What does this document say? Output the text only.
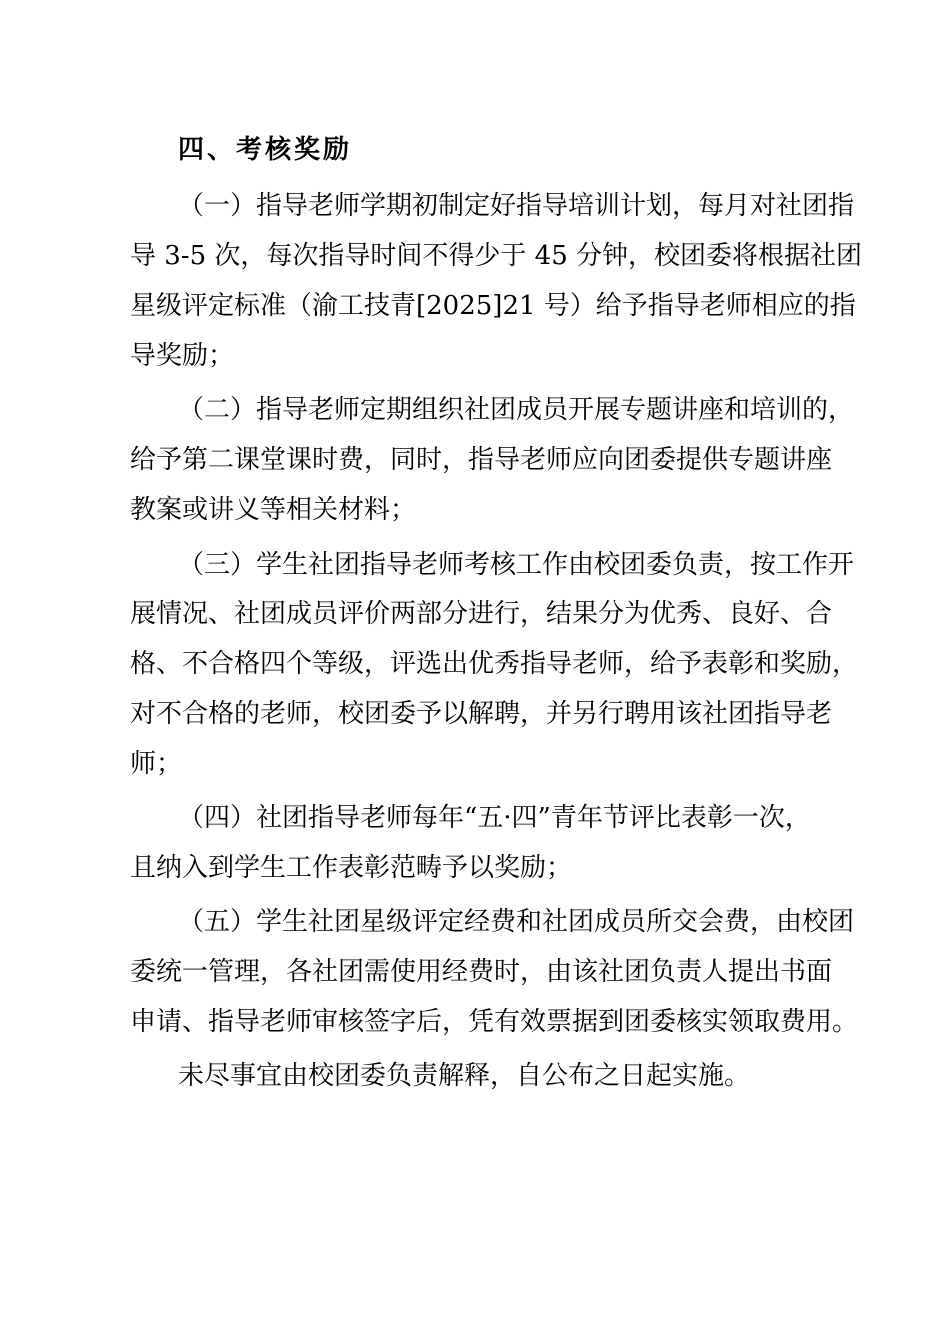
四、考核奖励

（一）指导老师学期初制定好指导培训计划，每月对社团指

导 3-5 次，每次指导时间不得少于 45 分钟，校团委将根据社团

星级评定标准（渝工技青[2025]21 号）给予指导老师相应的指

导奖励；

（二）指导老师定期组织社团成员开展专题讲座和培训的，

给予第二课堂课时费，同时，指导老师应向团委提供专题讲座

教案或讲义等相关材料；

（三）学生社团指导老师考核工作由校团委负责，按工作开

展情况、社团成员评价两部分进行，结果分为优秀、良好、合

格、不合格四个等级，评选出优秀指导老师，给予表彰和奖励，

对不合格的老师，校团委予以解聘，并另行聘用该社团指导老

师；

（四）社团指导老师每年“五·四”青年节评比表彰一次，

且纳入到学生工作表彰范畴予以奖励；

（五）学生社团星级评定经费和社团成员所交会费，由校团

委统一管理，各社团需使用经费时，由该社团负责人提出书面

申请、指导老师审核签字后，凭有效票据到团委核实领取费用。

未尽事宜由校团委负责解释，自公布之日起实施。
